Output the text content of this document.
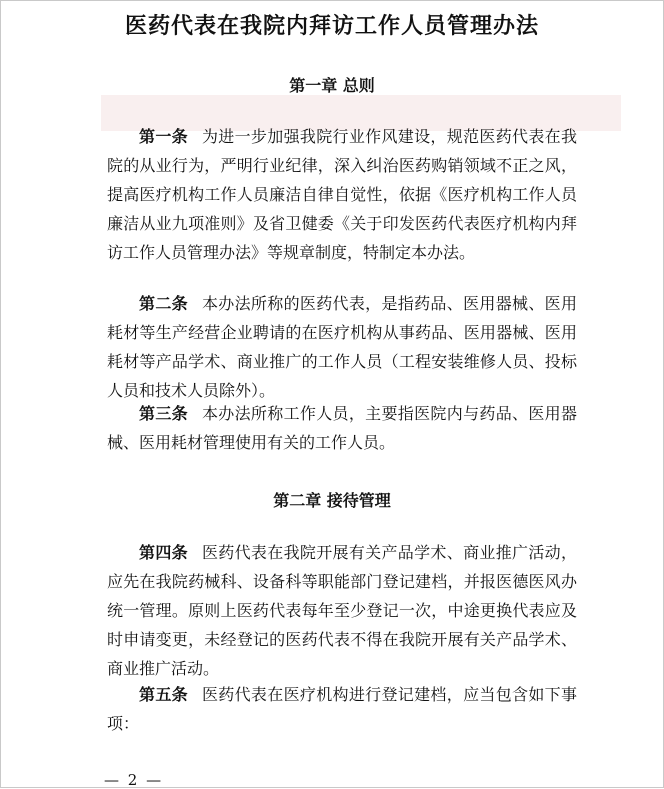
医药代表在我院内拜访工作人员管理办法
第一章 总则

第一条 为进一步加强我院行业作风建设，规范医药代表在我院的从业行为，严明行业纪律，深入纠治医药购销领域不正之风，提高医疗机构工作人员廉洁自律自觉性，依据《医疗机构工作人员廉洁从业九项准则》及省卫健委《关于印发医药代表医疗机构内拜访工作人员管理办法》等规章制度，特制定本办法。

第二条 本办法所称的医药代表，是指药品、医用器械、医用耗材等生产经营企业聘请的在医疗机构从事药品、医用器械、医用耗材等产品学术、商业推广的工作人员（工程安装维修人员、投标人员和技术人员除外）。

第三条 本办法所称工作人员，主要指医院内与药品、医用器械、医用耗材管理使用有关的工作人员。

第二章 接待管理

第四条 医药代表在我院开展有关产品学术、商业推广活动，应先在我院药械科、设备科等职能部门登记建档，并报医德医风办统一管理。原则上医药代表每年至少登记一次，中途更换代表应及时申请变更，未经登记的医药代表不得在我院开展有关产品学术、商业推广活动。

第五条 医药代表在医疗机构进行登记建档，应当包含如下事项：

— 2 —
